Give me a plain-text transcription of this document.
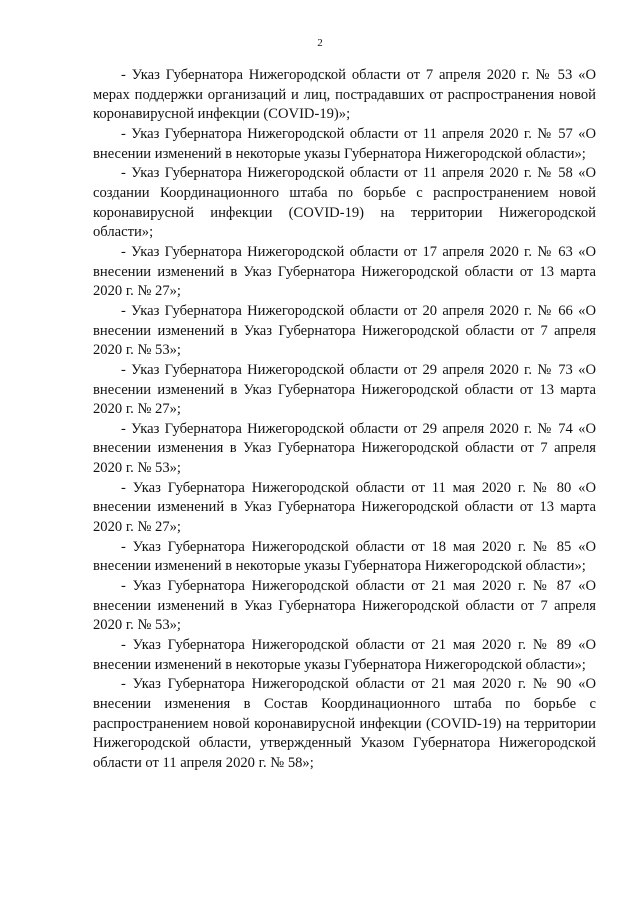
2

- Указ Губернатора Нижегородской области от 7 апреля 2020 г. № 53 «О мерах поддержки организаций и лиц, пострадавших от распространения новой коронавирусной инфекции (COVID-19)»;

- Указ Губернатора Нижегородской области от 11 апреля 2020 г. № 57 «О внесении изменений в некоторые указы Губернатора Нижегородской области»;

- Указ Губернатора Нижегородской области от 11 апреля 2020 г. № 58 «О создании Координационного штаба по борьбе с распространением новой коронавирусной инфекции (COVID-19) на территории Нижегородской области»;

- Указ Губернатора Нижегородской области от 17 апреля 2020 г. № 63 «О внесении изменений в Указ Губернатора Нижегородской области от 13 марта 2020 г. № 27»;

- Указ Губернатора Нижегородской области от 20 апреля 2020 г. № 66 «О внесении изменений в Указ Губернатора Нижегородской области от 7 апреля 2020 г. № 53»;

- Указ Губернатора Нижегородской области от 29 апреля 2020 г. № 73 «О внесении изменений в Указ Губернатора Нижегородской области от 13 марта 2020 г. № 27»;

- Указ Губернатора Нижегородской области от 29 апреля 2020 г. № 74 «О внесении изменения в Указ Губернатора Нижегородской области от 7 апреля 2020 г. № 53»;

- Указ Губернатора Нижегородской области от 11 мая 2020 г. № 80 «О внесении изменений в Указ Губернатора Нижегородской области от 13 марта 2020 г. № 27»;

- Указ Губернатора Нижегородской области от 18 мая 2020 г. № 85 «О внесении изменений в некоторые указы Губернатора Нижегородской области»;

- Указ Губернатора Нижегородской области от 21 мая 2020 г. № 87 «О внесении изменений в Указ Губернатора Нижегородской области от 7 апреля 2020 г. № 53»;

- Указ Губернатора Нижегородской области от 21 мая 2020 г. № 89 «О внесении изменений в некоторые указы Губернатора Нижегородской области»;

- Указ Губернатора Нижегородской области от 21 мая 2020 г. № 90 «О внесении изменения в Состав Координационного штаба по борьбе с распространением новой коронавирусной инфекции (COVID-19) на территории Нижегородской области, утвержденный Указом Губернатора Нижегородской области от 11 апреля 2020 г. № 58»;
